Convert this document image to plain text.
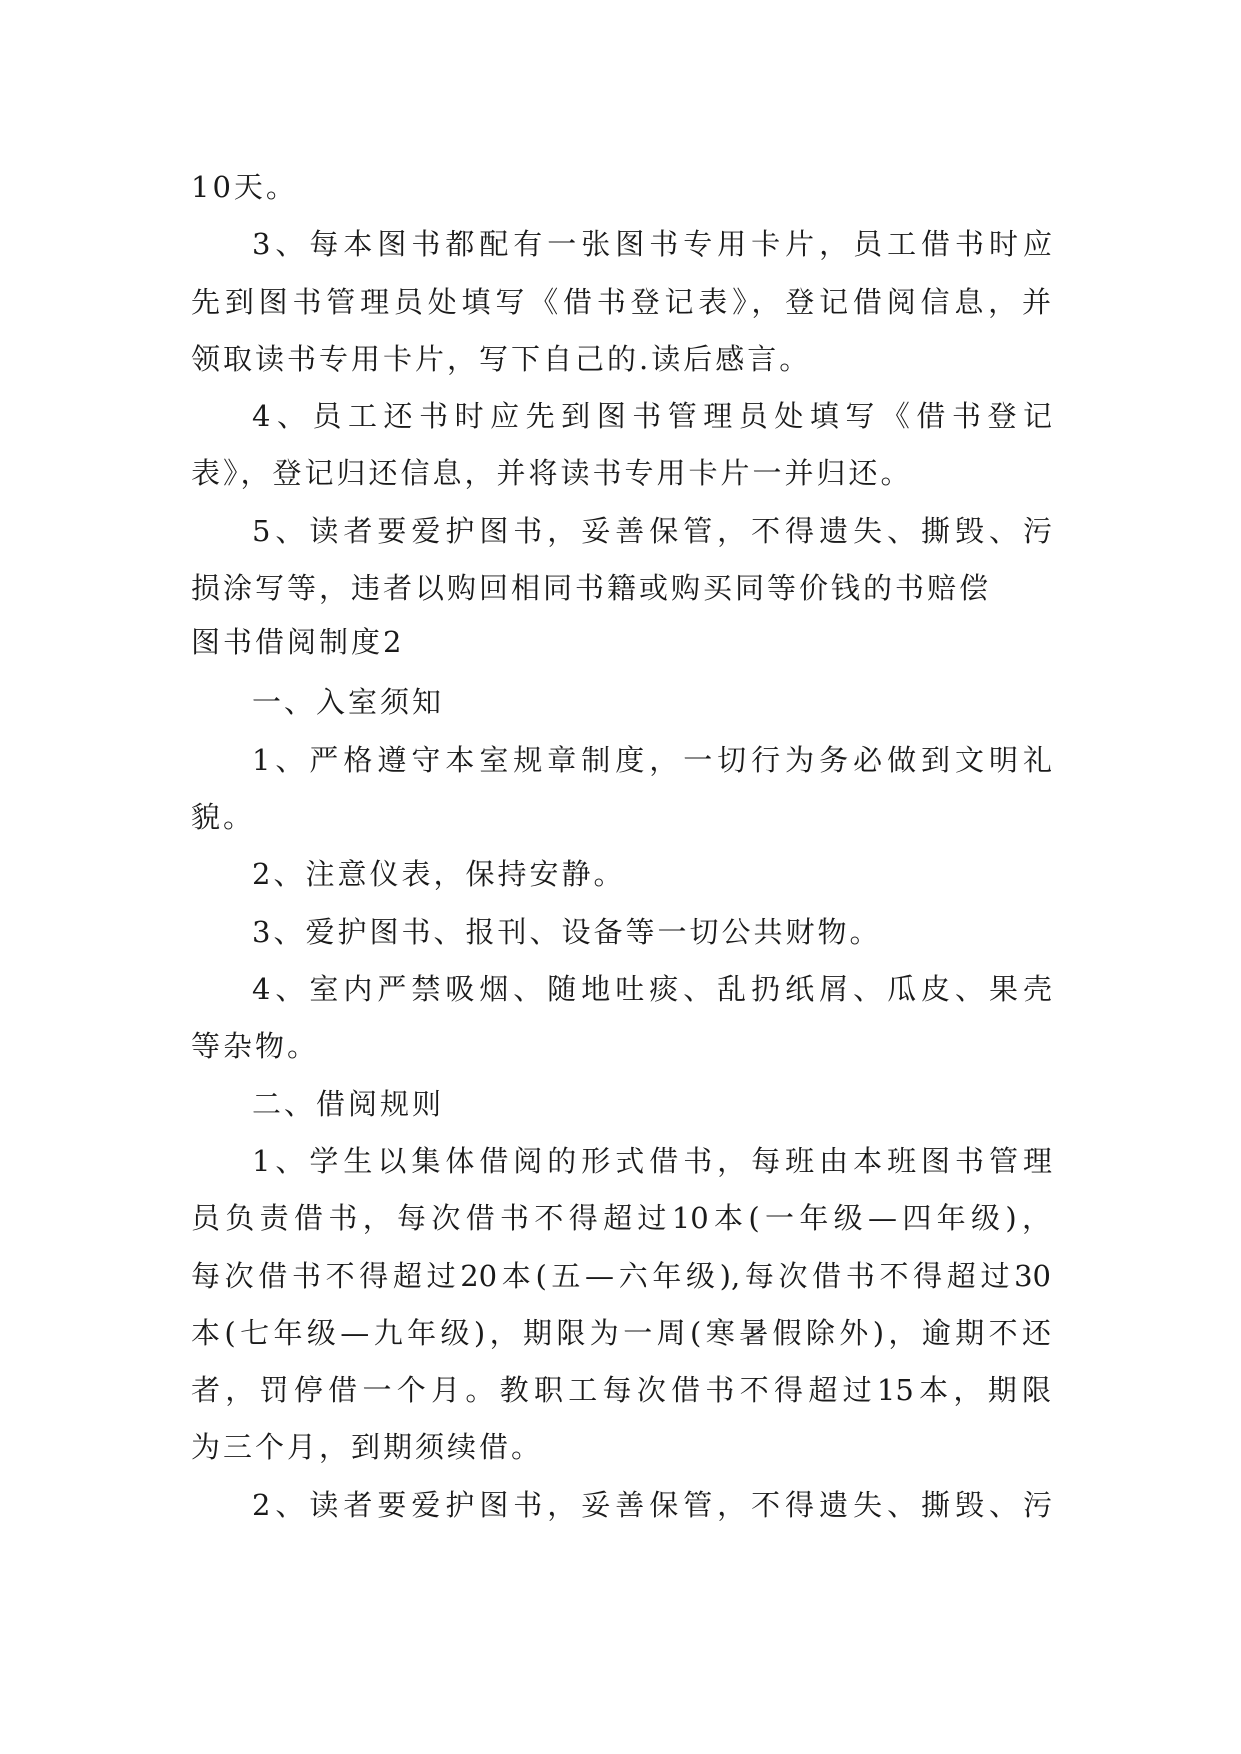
10天。
3、每本图书都配有一张图书专用卡片，员工借书时应
先到图书管理员处填写《借书登记表》，登记借阅信息，并
领取读书专用卡片，写下自己的.读后感言。
4、员工还书时应先到图书管理员处填写《借书登记
表》，登记归还信息，并将读书专用卡片一并归还。
5、读者要爱护图书，妥善保管，不得遗失、撕毁、污
损涂写等，违者以购回相同书籍或购买同等价钱的书赔偿
图书借阅制度2
一、入室须知
1、严格遵守本室规章制度，一切行为务必做到文明礼
貌。
2、注意仪表，保持安静。
3、爱护图书、报刊、设备等一切公共财物。
4、室内严禁吸烟、随地吐痰、乱扔纸屑、瓜皮、果壳
等杂物。
二、借阅规则
1、学生以集体借阅的形式借书，每班由本班图书管理
员负责借书，每次借书不得超过10本(一年级—四年级)，
每次借书不得超过20本(五—六年级),每次借书不得超过30
本(七年级—九年级)，期限为一周(寒暑假除外)，逾期不还
者，罚停借一个月。教职工每次借书不得超过15本，期限
为三个月，到期须续借。
2、读者要爱护图书，妥善保管，不得遗失、撕毁、污
